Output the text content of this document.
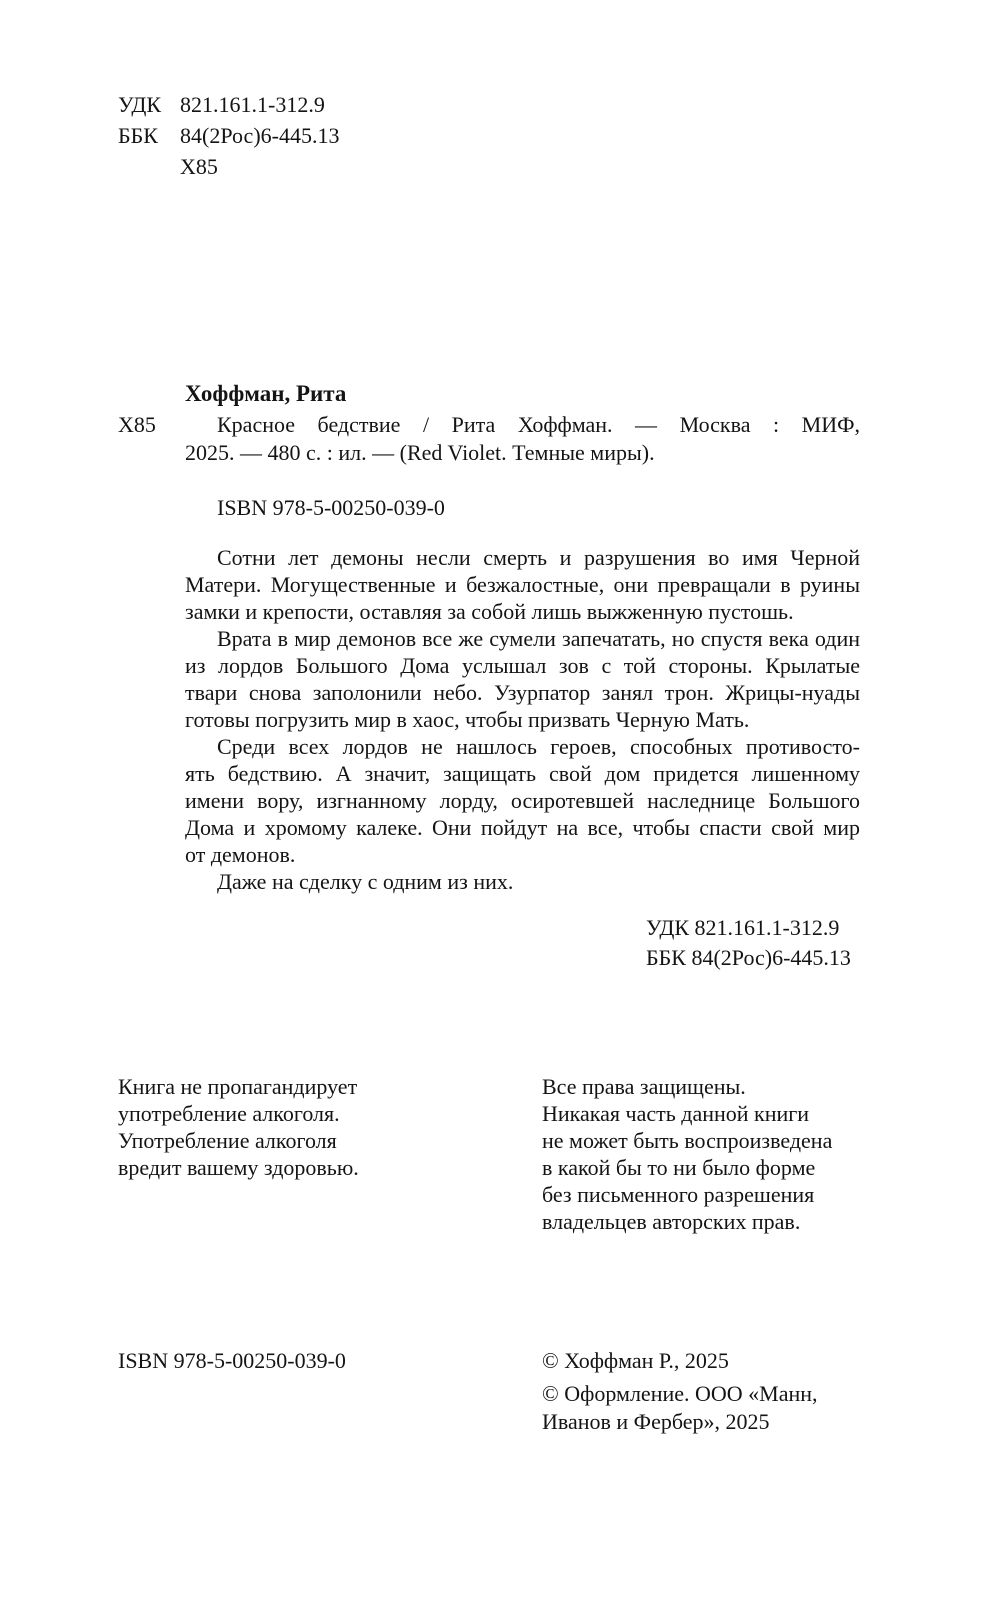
УДК 821.161.1-312.9
ББК	84(2Рос)6-445.13
Х85
Хоффман, Рита
Х85	Красное бедствие / Рита Хоффман. — Москва : МИФ,
2025. — 480 с. : ил. — (Red Violet. Темные миры).
ISBN 978-5-00250-039-0

Сотни лет демоны несли смерть и разрушения во имя Черной
Матери. Могущественные и безжалостные, они превращали в руины
замки и крепости, оставляя за собой лишь выжженную пустошь.

Врата в мир демонов все же сумели запечатать, но спустя века один
из лордов Большого Дома услышал зов с той стороны. Крылатые
твари снова заполонили небо. Узурпатор занял трон. Жрицы-нуады
готовы погрузить мир в хаос, чтобы призвать Черную Мать.

Среди всех лордов не нашлось героев, способных противосто-
ять бедствию. А значит, защищать свой дом придется лишенному
имени вору, изгнанному лорду, осиротевшей наследнице Большого
Дома и хромому калеке. Они пойдут на все, чтобы спасти свой мир
от демонов.

Даже на сделку с одним из них.

УДК 821.161.1-312.9
ББК 84(2Рос)6-445.13
Книга не пропагандирует
употребление алкоголя.
Употребление алкоголя
вредит вашему здоровью.
Все права защищены.
Никакая часть данной книги
не может быть воспроизведена
в какой бы то ни было форме
без письменного разрешения
владельцев авторских прав.
ISBN 978-5-00250-039-0	© Хоффман Р., 2025
© Оформление. ООО «Манн,
Иванов и Фербер», 2025
